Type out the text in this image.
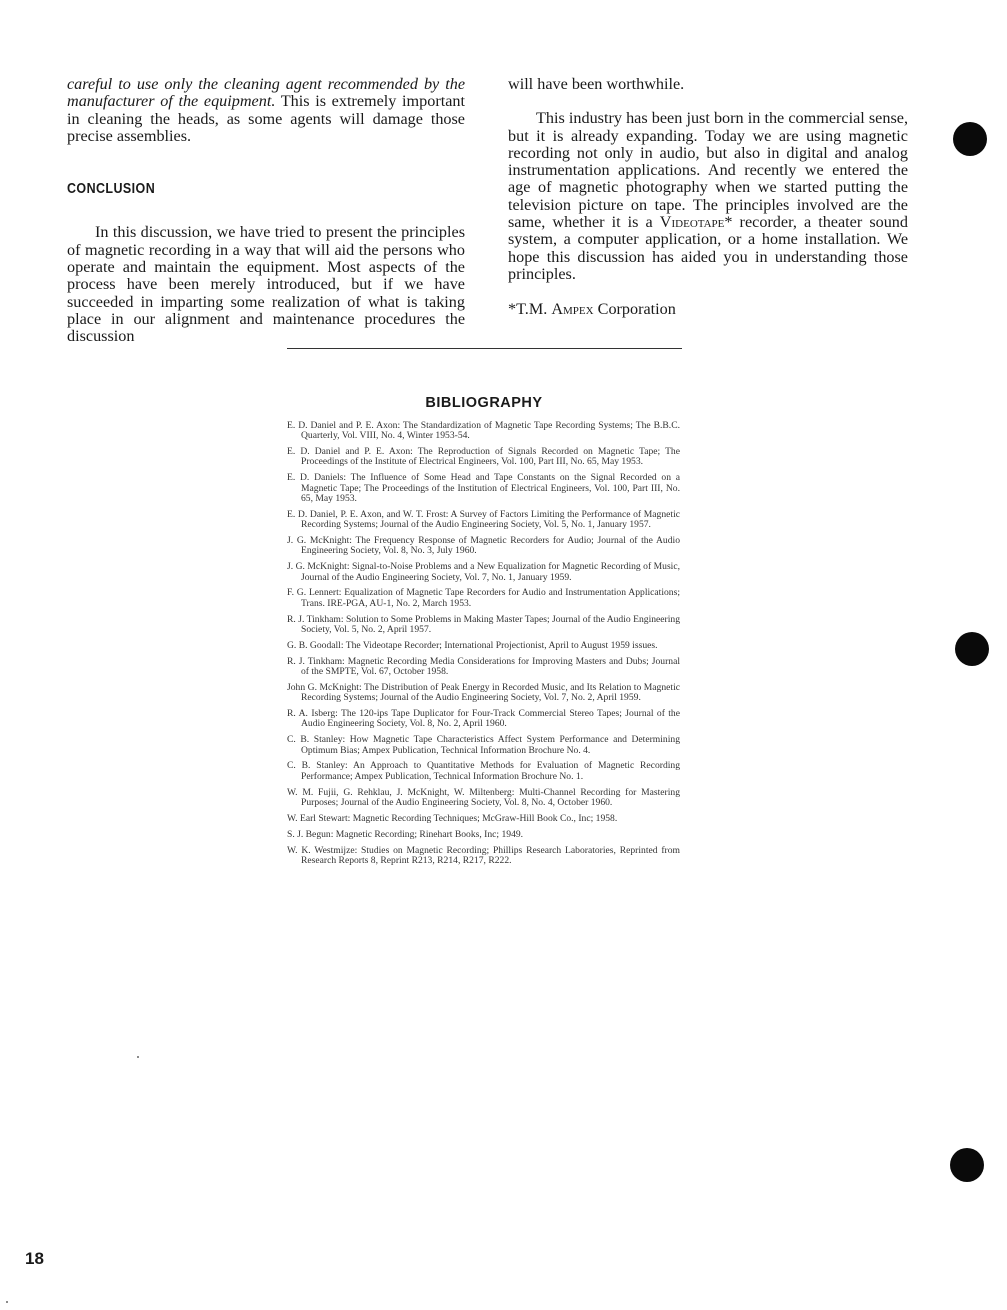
careful to use only the cleaning agent recommended by the manufacturer of the equipment. This is extremely important in cleaning the heads, as some agents will damage those precise assemblies.

CONCLUSION

In this discussion, we have tried to present the principles of magnetic recording in a way that will aid the persons who operate and maintain the equipment. Most aspects of the process have been merely introduced, but if we have succeeded in imparting some realization of what is taking place in our alignment and maintenance procedures the discussion

will have been worthwhile.

This industry has been just born in the commercial sense, but it is already expanding. Today we are using magnetic recording not only in audio, but also in digital and analog instrumentation applications. And recently we entered the age of magnetic photography when we started putting the television picture on tape. The principles involved are the same, whether it is a Videotape* recorder, a theater sound system, a computer application, or a home installation. We hope this discussion has aided you in understanding those principles.

*T.M. Ampex Corporation

BIBLIOGRAPHY
E. D. Daniel and P. E. Axon: The Standardization of Magnetic Tape Recording Systems; The B.B.C. Quarterly, Vol. VIII, No. 4, Winter 1953-54.
E. D. Daniel and P. E. Axon: The Reproduction of Signals Recorded on Magnetic Tape; The Proceedings of the Institute of Electrical Engineers, Vol. 100, Part III, No. 65, May 1953.
E. D. Daniels: The Influence of Some Head and Tape Constants on the Signal Recorded on a Magnetic Tape; The Proceedings of the Institution of Electrical Engineers, Vol. 100, Part III, No. 65, May 1953.
E. D. Daniel, P. E. Axon, and W. T. Frost: A Survey of Factors Limiting the Performance of Magnetic Recording Systems; Journal of the Audio Engineering Society, Vol. 5, No. 1, January 1957.
J. G. McKnight: The Frequency Response of Magnetic Recorders for Audio; Journal of the Audio Engineering Society, Vol. 8, No. 3, July 1960.
J. G. McKnight: Signal-to-Noise Problems and a New Equalization for Magnetic Recording of Music, Journal of the Audio Engineering Society, Vol. 7, No. 1, January 1959.
F. G. Lennert: Equalization of Magnetic Tape Recorders for Audio and Instrumentation Applications; Trans. IRE-PGA, AU-1, No. 2, March 1953.
R. J. Tinkham: Solution to Some Problems in Making Master Tapes; Journal of the Audio Engineering Society, Vol. 5, No. 2, April 1957.
G. B. Goodall: The Videotape Recorder; International Projectionist, April to August 1959 issues.
R. J. Tinkham: Magnetic Recording Media Considerations for Improving Masters and Dubs; Journal of the SMPTE, Vol. 67, October 1958.
John G. McKnight: The Distribution of Peak Energy in Recorded Music, and Its Relation to Magnetic Recording Systems; Journal of the Audio Engineering Society, Vol. 7, No. 2, April 1959.
R. A. Isberg: The 120-ips Tape Duplicator for Four-Track Commercial Stereo Tapes; Journal of the Audio Engineering Society, Vol. 8, No. 2, April 1960.
C. B. Stanley: How Magnetic Tape Characteristics Affect System Performance and Determining Optimum Bias; Ampex Publication, Technical Information Brochure No. 4.
C. B. Stanley: An Approach to Quantitative Methods for Evaluation of Magnetic Recording Performance; Ampex Publication, Technical Information Brochure No. 1.
W. M. Fujii, G. Rehklau, J. McKnight, W. Miltenberg: Multi-Channel Recording for Mastering Purposes; Journal of the Audio Engineering Society, Vol. 8, No. 4, October 1960.
W. Earl Stewart: Magnetic Recording Techniques; McGraw-Hill Book Co., Inc; 1958.
S. J. Begun: Magnetic Recording; Rinehart Books, Inc; 1949.
W. K. Westmijze: Studies on Magnetic Recording; Phillips Research Laboratories, Reprinted from Research Reports 8, Reprint R213, R214, R217, R222.
18
